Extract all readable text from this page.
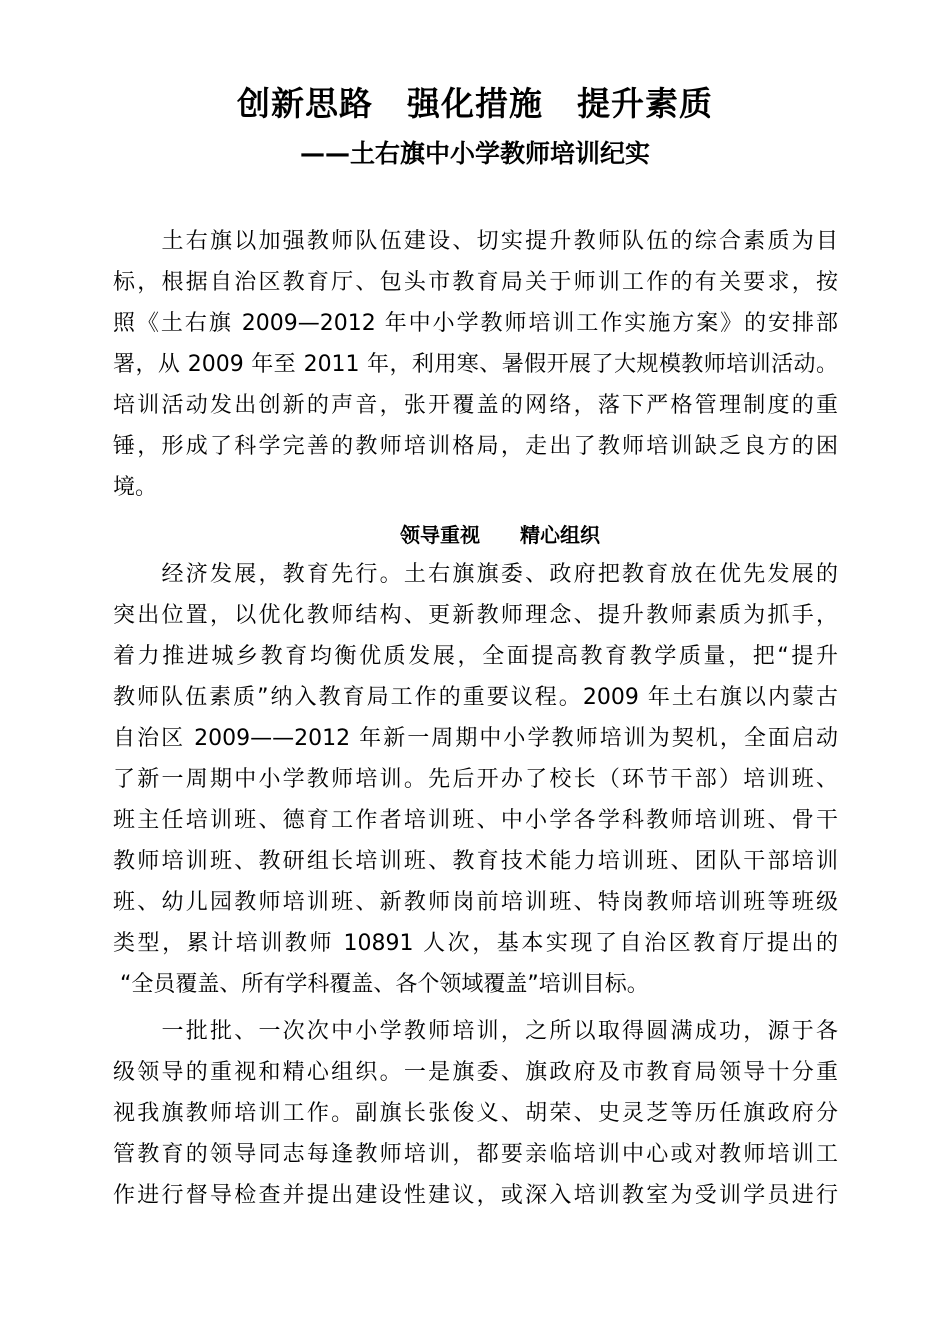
创新思路　强化措施　提升素质
——土右旗中小学教师培训纪实
　　土右旗以加强教师队伍建设、切实提升教师队伍的综合素质为目
标，根据自治区教育厅、包头市教育局关于师训工作的有关要求，按
照《土右旗 2009—2012 年中小学教师培训工作实施方案》的安排部
署，从 2009 年至 2011 年，利用寒、暑假开展了大规模教师培训活动。
培训活动发出创新的声音，张开覆盖的网络，落下严格管理制度的重
锤，形成了科学完善的教师培训格局，走出了教师培训缺乏良方的困
境。
领导重视　　精心组织
　　经济发展，教育先行。土右旗旗委、政府把教育放在优先发展的
突出位置，以优化教师结构、更新教师理念、提升教师素质为抓手，
着力推进城乡教育均衡优质发展，全面提高教育教学质量，把“提升
教师队伍素质”纳入教育局工作的重要议程。2009 年土右旗以内蒙古
自治区 2009——2012 年新一周期中小学教师培训为契机，全面启动
了新一周期中小学教师培训。先后开办了校长（环节干部）培训班、
班主任培训班、德育工作者培训班、中小学各学科教师培训班、骨干
教师培训班、教研组长培训班、教育技术能力培训班、团队干部培训
班、幼儿园教师培训班、新教师岗前培训班、特岗教师培训班等班级
类型，累计培训教师 10891 人次，基本实现了自治区教育厅提出的
“全员覆盖、所有学科覆盖、各个领域覆盖”培训目标。
　　一批批、一次次中小学教师培训，之所以取得圆满成功，源于各
级领导的重视和精心组织。一是旗委、旗政府及市教育局领导十分重
视我旗教师培训工作。副旗长张俊义、胡荣、史灵芝等历任旗政府分
管教育的领导同志每逢教师培训，都要亲临培训中心或对教师培训工
作进行督导检查并提出建设性建议，或深入培训教室为受训学员进行
